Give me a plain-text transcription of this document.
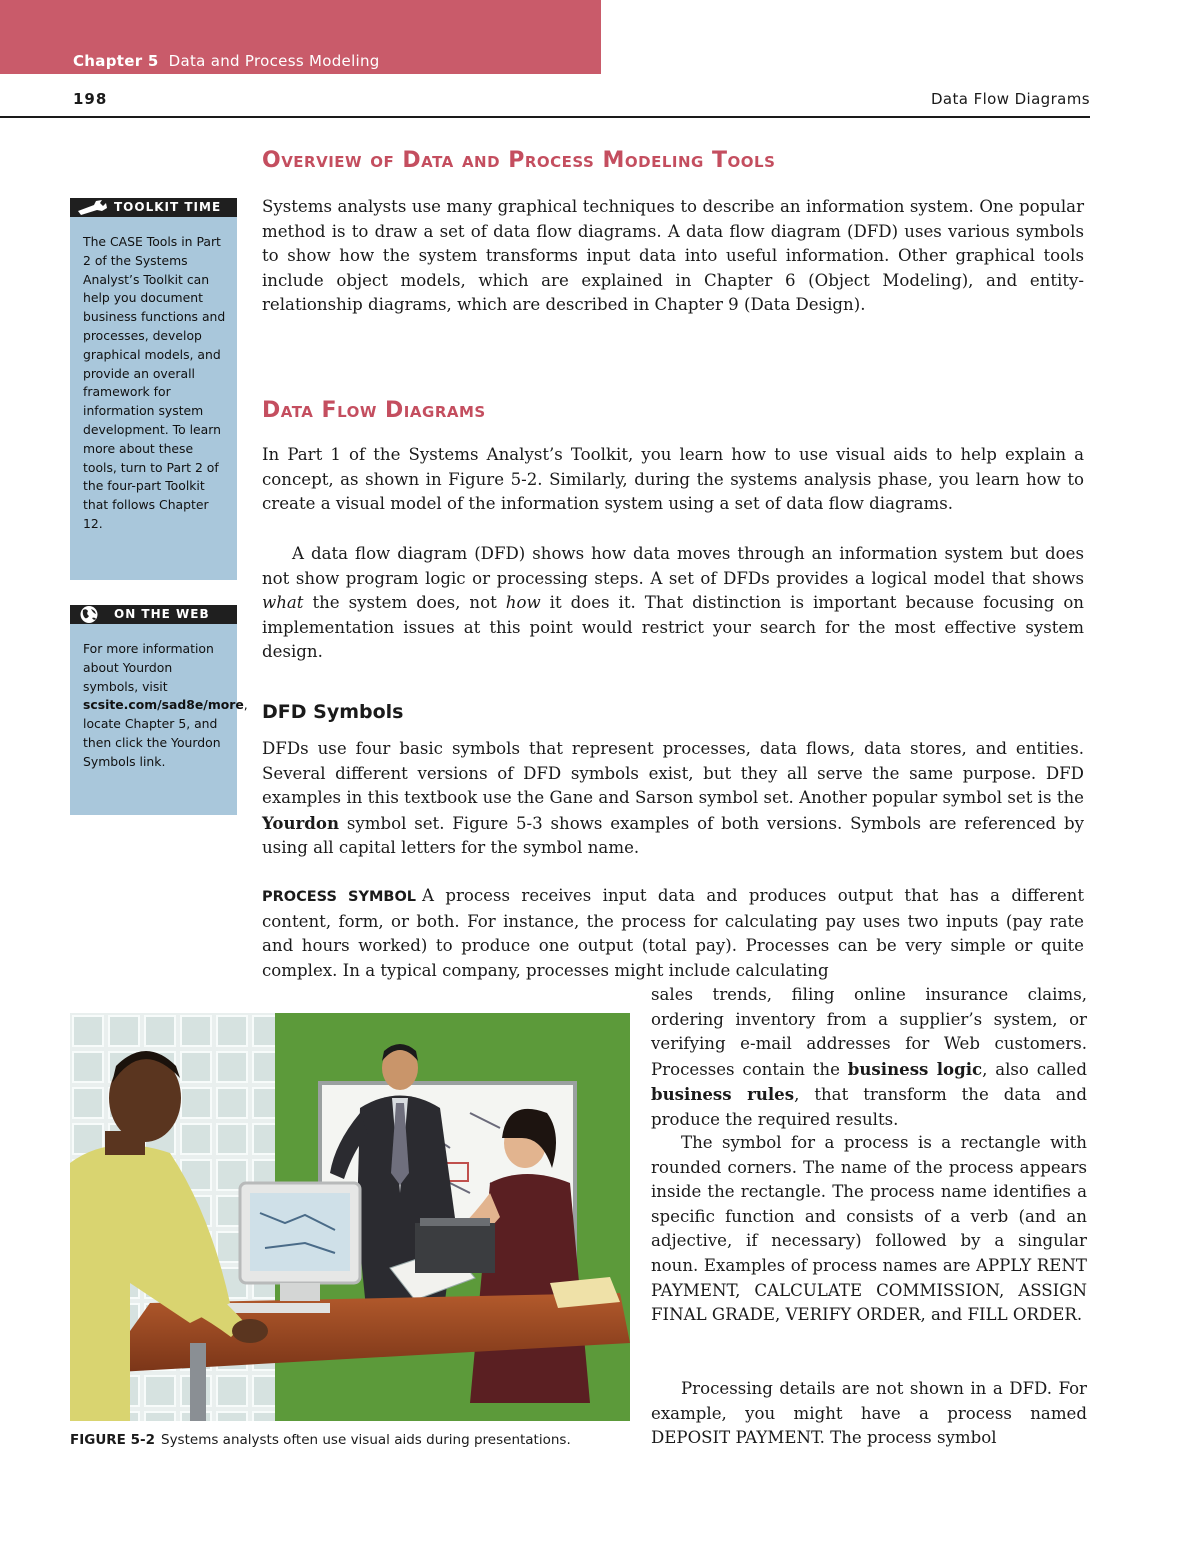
Chapter 5 Data and Process Modeling
198	Data Flow Diagrams
Overview of Data and Process Modeling Tools

Systems analysts use many graphical techniques to describe an information system. One popular method is to draw a set of data flow diagrams. A data flow diagram (DFD) uses various symbols to show how the system transforms input data into useful information. Other graphical tools include object models, which are explained in Chapter 6 (Object Modeling), and entity-relationship diagrams, which are described in Chapter 9 (Data Design).

Data Flow Diagrams

In Part 1 of the Systems Analyst’s Toolkit, you learn how to use visual aids to help explain a concept, as shown in Figure 5-2. Similarly, during the systems analysis phase, you learn how to create a visual model of the information system using a set of data flow diagrams.

A data flow diagram (DFD) shows how data moves through an information system but does not show program logic or processing steps. A set of DFDs provides a logical model that shows what the system does, not how it does it. That distinction is important because focusing on implementation issues at this point would restrict your search for the most effective system design.

DFD Symbols

DFDs use four basic symbols that represent processes, data flows, data stores, and entities. Several different versions of DFD symbols exist, but they all serve the same purpose. DFD examples in this textbook use the Gane and Sarson symbol set. Another popular symbol set is the Yourdon symbol set. Figure 5-3 shows examples of both versions. Symbols are referenced by using all capital letters for the symbol name.

PROCESS SYMBOL A process receives input data and produces output that has a different content, form, or both. For instance, the process for calculating pay uses two inputs (pay rate and hours worked) to produce one output (total pay). Processes can be very simple or quite complex. In a typical company, processes might include calculating

sales trends, filing online insurance claims, ordering inventory from a supplier’s system, or verifying e-mail addresses for Web customers. Processes contain the business logic, also called business rules, that transform the data and produce the required results.

The symbol for a process is a rectangle with rounded corners. The name of the process appears inside the rectangle. The process name identifies a specific function and consists of a verb (and an adjective, if necessary) followed by a singular noun. Examples of process names are APPLY RENT PAYMENT, CALCULATE COMMISSION, ASSIGN FINAL GRADE, VERIFY ORDER, and FILL ORDER.

Processing details are not shown in a DFD. For example, you might have a process named DEPOSIT PAYMENT. The process symbol

TOOLKIT TIME

The CASE Tools in Part 2 of the Systems Analyst’s Toolkit can help you document business functions and processes, develop graphical models, and provide an overall framework for information system development. To learn more about these tools, turn to Part 2 of the four-part Toolkit that follows Chapter 12.

ON THE WEB

For more information about Yourdon symbols, visit scsite.com/sad8e/more, locate Chapter 5, and then click the Yourdon Symbols link.

FIGURE 5-2 Systems analysts often use visual aids during presentations.
